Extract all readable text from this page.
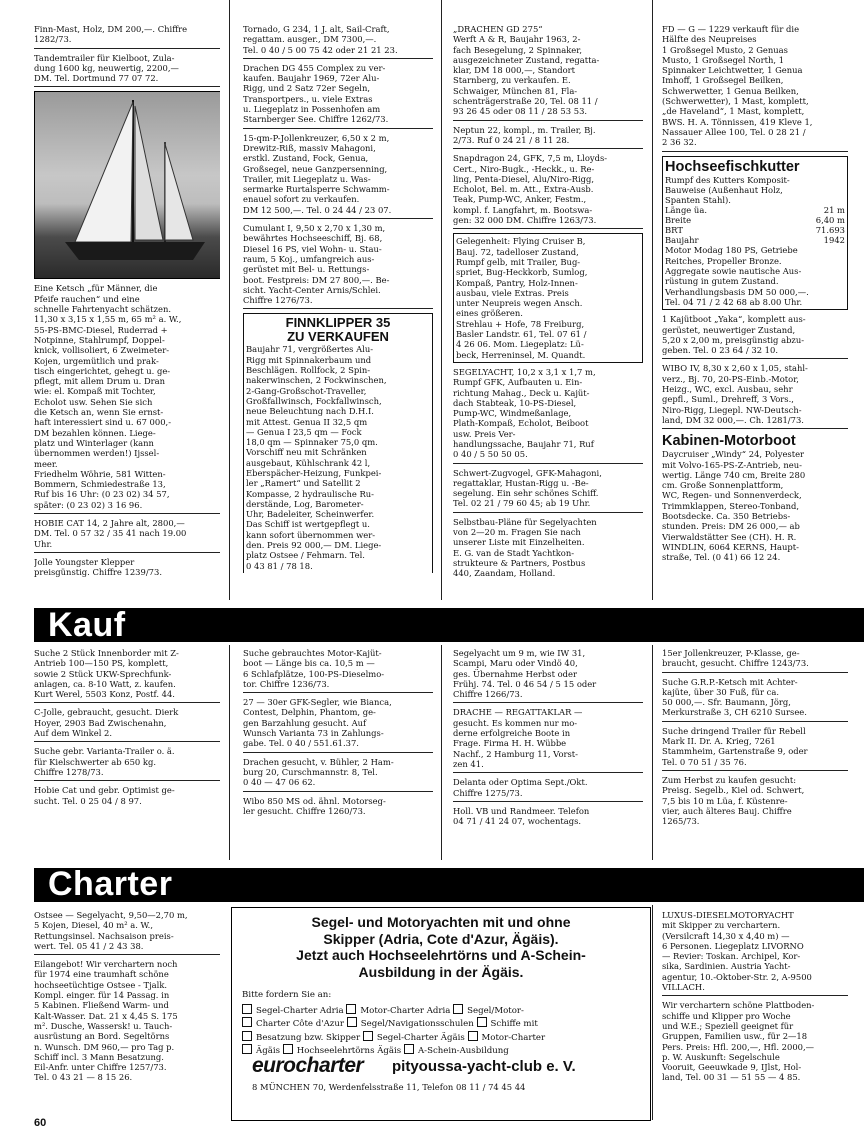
Finn-Mast, Holz, DM 200,—. Chiffre
1282/73.
Tandemtrailer für Kielboot, Zula-
dung 1600 kg, neuwertig, 2200,—
DM. Tel. Dortmund 77 07 72.
Eine Ketsch „für Männer, die
Pfeife rauchen“ und eine
schnelle Fahrtenyacht schätzen.
11,30 x 3,15 x 1,55 m, 65 m² a. W.,
55-PS-BMC-Diesel, Ruderrad +
Notpinne, Stahlrumpf, Doppel-
knick, vollisoliert, 6 Zweimeter-
Kojen, urgemütlich und prak-
tisch eingerichtet, gehegt u. ge-
pflegt, mit allem Drum u. Dran
wie: el. Kompaß mit Tochter,
Echolot usw. Sehen Sie sich
die Ketsch an, wenn Sie ernst-
haft interessiert sind u. 67 000,-
DM bezahlen können. Liege-
platz und Winterlager (kann
übernommen werden!) Ijssel-
meer.
Friedhelm Wöhrie, 581 Witten-
Bommern, Schmiedestraße 13,
Ruf bis 16 Uhr: (0 23 02) 34 57,
später: (0 23 02) 3 16 96.
HOBIE CAT 14, 2 Jahre alt, 2800,—
DM. Tel. 0 57 32 / 35 41 nach 19.00
Uhr.
Jolle Youngster Klepper
preisgünstig. Chiffre 1239/73.
Tornado, G 234, 1 J. alt, Sail-Craft,
regattam. ausger., DM 7300,—.
Tel. 0 40 / 5 00 75 42 oder 21 21 23.
Drachen DG 455 Complex zu ver-
kaufen. Baujahr 1969, 72er Alu-
Rigg, und 2 Satz 72er Segeln,
Transportpers., u. viele Extras
u. Liegeplatz in Possenhofen am
Starnberger See. Chiffre 1262/73.
15-qm-P-Jollenkreuzer, 6,50 x 2 m,
Drewitz-Riß, massiv Mahagoni,
erstkl. Zustand, Fock, Genua,
Großsegel, neue Ganzpersenning,
Trailer, mit Liegeplatz u. Was-
sermarke Rurtalsperre Schwamm-
enauel sofort zu verkaufen.
DM 12 500,—. Tel. 0 24 44 / 23 07.
Cumulant I, 9,50 x 2,70 x 1,30 m,
bewährtes Hochseeschiff, Bj. 68,
Diesel 16 PS, viel Wohn- u. Stau-
raum, 5 Koj., umfangreich aus-
gerüstet mit Bel- u. Rettungs-
boot. Festpreis: DM 27 800,—. Be-
sicht. Yacht-Center Arnis/Schlei.
Chiffre 1276/73.
FINNKLIPPER 35
ZU VERKAUFEN
Baujahr 71, vergrößertes Alu-
Rigg mit Spinnakerbaum und
Beschlägen. Rollfock, 2 Spin-
nakerwinschen, 2 Fockwinschen,
2-Gang-Großschot-Traveller,
Großfallwinsch, Fockfallwinsch,
neue Beleuchtung nach D.H.I.
mit Attest. Genua II 32,5 qm
— Genua I 23,5 qm — Fock
18,0 qm — Spinnaker 75,0 qm.
Vorschiff neu mit Schränken
ausgebaut, Kühlschrank 42 l,
Eberspächer-Heizung, Funkpei-
ler „Ramert“ und Satellit 2
Kompasse, 2 hydraulische Ru-
derstände, Log, Barometer-
Uhr, Badeleiter, Scheinwerfer.
Das Schiff ist wertgepflegt u.
kann sofort übernommen wer-
den. Preis 92 000,— DM. Liege-
platz Ostsee / Fehmarn. Tel.
0 43 81 / 78 18.
„DRACHEN GD 275“
Werft A & R, Baujahr 1963, 2-
fach Besegelung, 2 Spinnaker,
ausgezeichneter Zustand, regatta-
klar, DM 18 000,—, Standort
Starnberg, zu verkaufen. E.
Schwaiger, München 81, Fla-
schenträgerstraße 20, Tel. 08 11 /
93 26 45 oder 08 11 / 28 53 53.
Neptun 22, kompl., m. Trailer, Bj.
2/73. Ruf 0 24 21 / 8 11 28.
Snapdragon 24, GFK, 7,5 m, Lloyds-
Cert., Niro-Bugk., -Heckk., u. Re-
ling, Penta-Diesel, Alu/Niro-Rigg,
Echolot, Bel. m. Att., Extra-Ausb.
Teak, Pump-WC, Anker, Festm.,
kompl. f. Langfahrt, m. Bootswa-
gen: 32 000 DM. Chiffre 1263/73.
Gelegenheit: Flying Cruiser B,
Bauj. 72, tadelloser Zustand,
Rumpf gelb, mit Trailer, Bug-
spriet, Bug-Heckkorb, Sumlog,
Kompaß, Pantry, Holz-Innen-
ausbau, viele Extras. Preis
unter Neupreis wegen Ansch.
eines größeren.
Strehlau + Hofe, 78 Freiburg,
Basler Landstr. 61, Tel. 07 61 /
4 26 06. Mom. Liegeplatz: Lü-
beck, Herreninsel, M. Quandt.
SEGELYACHT, 10,2 x 3,1 x 1,7 m,
Rumpf GFK, Aufbauten u. Ein-
richtung Mahag., Deck u. Kajüt-
dach Stabteak, 10-PS-Diesel,
Pump-WC, Windmeßanlage,
Plath-Kompaß, Echolot, Beiboot
usw. Preis Ver-
handlungssache, Baujahr 71, Ruf
0 40 / 5 50 50 05.
Schwert-Zugvogel, GFK-Mahagoni,
regattaklar, Hustan-Rigg u. -Be-
segelung. Ein sehr schönes Schiff.
Tel. 02 21 / 79 60 45; ab 19 Uhr.
Selbstbau-Pläne für Segelyachten
von 2—20 m. Fragen Sie nach
unserer Liste mit Einzelheiten.
E. G. van de Stadt Yachtkon-
strukteure & Partners, Postbus
440, Zaandam, Holland.
FD — G — 1229 verkauft für die
Hälfte des Neupreises
1 Großsegel Musto, 2 Genuas
Musto, 1 Großsegel North, 1
Spinnaker Leichtwetter, 1 Genua
Imhoff, 1 Großsegel Beilken,
Schwerwetter, 1 Genua Beilken,
(Schwerwetter), 1 Mast, komplett,
„de Haveland“, 1 Mast, komplett,
BWS. H. A. Tönnissen, 419 Kleve 1,
Nassauer Allee 100, Tel. 0 28 21 /
2 36 32.
Hochseefischkutter
Rumpf des Kutters Komposit-
Bauweise (Außenhaut Holz,
Spanten Stahl).
Länge üa.	21 m
Breite	6,40 m
BRT	71.693
Baujahr	1942
Motor Modag 180 PS, Getriebe
Reitches, Propeller Bronze.
Aggregate sowie nautische Aus-
rüstung in gutem Zustand.
Verhandlungsbasis DM 50 000,—.
Tel. 04 71 / 2 42 68 ab 8.00 Uhr.
1 Kajütboot „Yaka“, komplett aus-
gerüstet, neuwertiger Zustand,
5,20 x 2,00 m, preisgünstig abzu-
geben. Tel. 0 23 64 / 32 10.
WIBO IV, 8,30 x 2,60 x 1,05, stahl-
verz., Bj. 70, 20-PS-Einb.-Motor,
Heizg., WC, excl. Ausbau, sehr
gepfl., Suml., Drehreff, 3 Vors.,
Niro-Rigg, Liegepl. NW-Deutsch-
land, DM 32 000,—. Ch. 1281/73.
Kabinen-Motorboot
Daycruiser „Windy“ 24, Polyester
mit Volvo-165-PS-Z-Antrieb, neu-
wertig. Länge 740 cm, Breite 280
cm. Große Sonnenplattform,
WC, Regen- und Sonnenverdeck,
Trimmklappen, Stereo-Tonband,
Bootsdecke. Ca. 350 Betriebs-
stunden. Preis: DM 26 000,— ab
Vierwaldstätter See (CH). H. R.
WINDLIN, 6064 KERNS, Haupt-
straße, Tel. (0 41) 66 12 24.
Kauf
Suche 2 Stück Innenborder mit Z-
Antrieb 100—150 PS, komplett,
sowie 2 Stück UKW-Sprechfunk-
anlagen, ca. 8-10 Watt, z. kaufen.
Kurt Werel, 5503 Konz, Postf. 44.
C-Jolle, gebraucht, gesucht. Dierk
Hoyer, 2903 Bad Zwischenahn,
Auf dem Winkel 2.
Suche gebr. Varianta-Trailer o. ä.
für Kielschwerter ab 650 kg.
Chiffre 1278/73.
Hobie Cat und gebr. Optimist ge-
sucht. Tel. 0 25 04 / 8 97.
Suche gebrauchtes Motor-Kajüt-
boot — Länge bis ca. 10,5 m —
6 Schlafplätze, 100-PS-Dieselmo-
tor. Chiffre 1236/73.
27 — 30er GFK-Segler, wie Bianca,
Contest, Delphin, Phantom, ge-
gen Barzahlung gesucht. Auf
Wunsch Varianta 73 in Zahlungs-
gabe. Tel. 0 40 / 551.61.37.
Drachen gesucht, v. Bühler, 2 Ham-
burg 20, Curschmannstr. 8, Tel.
0 40 — 47 06 62.
Wibo 850 MS od. ähnl. Motorseg-
ler gesucht. Chiffre 1260/73.
Segelyacht um 9 m, wie IW 31,
Scampi, Maru oder Vindö 40,
ges. Übernahme Herbst oder
Frühj. 74. Tel. 0 46 54 / 5 15 oder
Chiffre 1266/73.
DRACHE — REGATTAKLAR —
gesucht. Es kommen nur mo-
derne erfolgreiche Boote in
Frage. Firma H. H. Wübbe
Nachf., 2 Hamburg 11, Vorst-
zen 41.
Delanta oder Optima Sept./Okt.
Chiffre 1275/73.
Holl. VB und Randmeer. Telefon
04 71 / 41 24 07, wochentags.
15er Jollenkreuzer, P-Klasse, ge-
braucht, gesucht. Chiffre 1243/73.
Suche G.R.P.-Ketsch mit Achter-
kajüte, über 30 Fuß, für ca.
50 000,—. Sfr. Baumann, Jörg,
Merkurstraße 3, CH 6210 Sursee.
Suche dringend Trailer für Rebell
Mark II. Dr. A. Krieg, 7261
Stammheim, Gartenstraße 9, oder
Tel. 0 70 51 / 35 76.
Zum Herbst zu kaufen gesucht:
Preisg. Segelb., Kiel od. Schwert,
7,5 bis 10 m Lüa, f. Küstenre-
vier, auch älteres Bauj. Chiffre
1265/73.
Charter
Ostsee — Segelyacht, 9,50—2,70 m,
5 Kojen, Diesel, 40 m² a. W.,
Rettungsinsel. Nachsaison preis-
wert. Tel. 05 41 / 2 43 38.
Eilangebot! Wir verchartern noch
für 1974 eine traumhaft schöne
hochseetüchtige Ostsee - Tjalk.
Kompl. einger. für 14 Passag. in
5 Kabinen. Fließend Warm- und
Kalt-Wasser. Dat. 21 x 4,45 S. 175
m². Dusche, Wassersk! u. Tauch-
ausrüstung an Bord. Segeltörns
n. Wunsch. DM 960,— pro Tag p.
Schiff incl. 3 Mann Besatzung.
Eil-Anfr. unter Chiffre 1257/73.
Tel. 0 43 21 — 8 15 26.
Segel- und Motoryachten mit und ohne
Skipper (Adria, Cote d'Azur, Ägäis).
Jetzt auch Hochseelehrtörns und A-Schein-
Ausbildung in der Ägäis.
Bitte fordern Sie an:
Segel-Charter Adria Motor-Charter Adria Segel/Motor-
Charter Côte d'Azur Segel/Navigationsschulen Schiffe mit
Besatzung bzw. Skipper Segel-Charter Ägäis Motor-Charter
Ägäis Hochseelehrtörns Ägäis A-Schein-Ausbildung
eurocharter pityoussa-yacht-club e. V.
8 MÜNCHEN 70, Werdenfelsstraße 11, Telefon 08 11 / 74 45 44
LUXUS-DIESELMOTORYACHT
mit Skipper zu verchartern.
(Versilcraft 14,30 x 4,40 m) —
6 Personen. Liegeplatz LIVORNO
— Revier: Toskan. Archipel, Kor-
sika, Sardinien. Austria Yacht-
agentur, 10.-Oktober-Str. 2, A-9500
VILLACH.
Wir verchartern schöne Plattboden-
schiffe und Klipper pro Woche
und W.E.; Speziell geeignet für
Gruppen, Familien usw., für 2—18
Pers. Preis: Hfl. 200,—, Hfl. 2000,—
p. W. Auskunft: Segelschule
Vooruit, Geeuwkade 9, IJlst, Hol-
land, Tel. 00 31 — 51 55 — 4 85.
60
